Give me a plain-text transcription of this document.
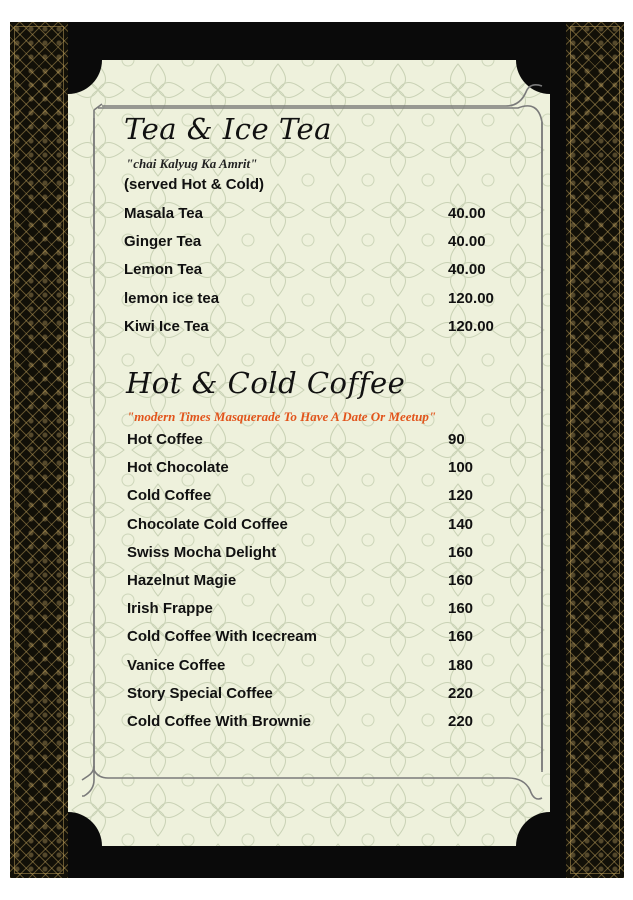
Tea & Ice Tea
"chai Kalyug Ka Amrit"
(served Hot & Cold)
Masala Tea	40.00
Ginger Tea	40.00
Lemon Tea	40.00
lemon ice tea	120.00
Kiwi Ice Tea	120.00
Hot & Cold Coffee
"modern Times Masquerade To Have A Date Or Meetup"
Hot Coffee	90
Hot Chocolate	100
Cold Coffee	120
Chocolate Cold Coffee	140
Swiss Mocha Delight	160
Hazelnut Magie	160
Irish Frappe	160
Cold Coffee With Icecream	160
Vanice Coffee	180
Story Special Coffee	220
Cold Coffee With Brownie	220
